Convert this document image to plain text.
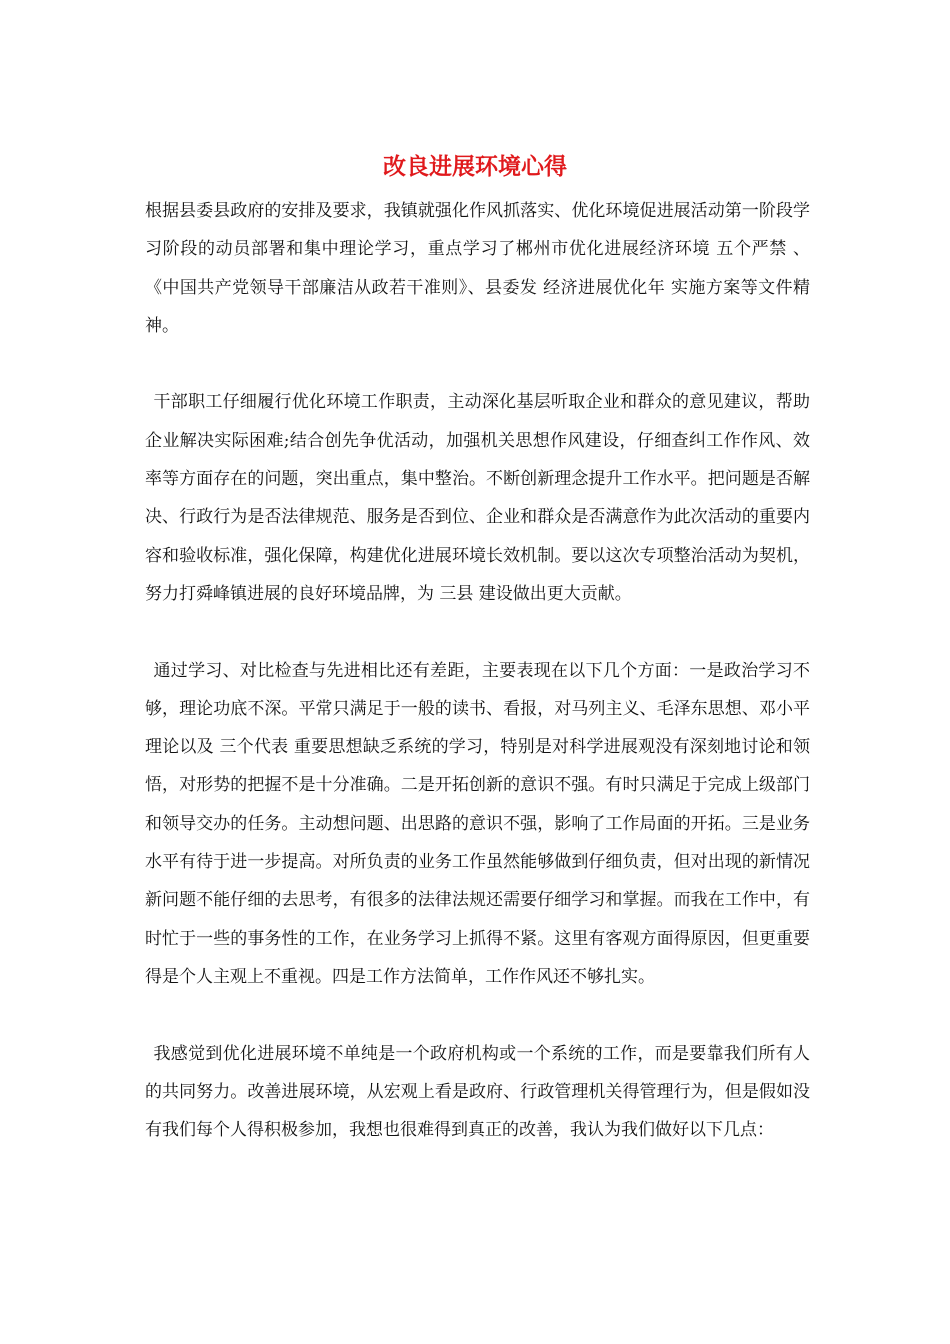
改良进展环境心得

根据县委县政府的安排及要求，我镇就强化作风抓落实、优化环境促进展活动第一阶段学习阶段的动员部署和集中理论学习，重点学习了郴州市优化进展经济环境 五个严禁 、《中国共产党领导干部廉洁从政若干准则》、县委发 经济进展优化年 实施方案等文件精神。

干部职工仔细履行优化环境工作职责，主动深化基层听取企业和群众的意见建议，帮助企业解决实际困难;结合创先争优活动，加强机关思想作风建设，仔细查纠工作作风、效率等方面存在的问题，突出重点，集中整治。不断创新理念提升工作水平。把问题是否解决、行政行为是否法律规范、服务是否到位、企业和群众是否满意作为此次活动的重要内容和验收标准，强化保障，构建优化进展环境长效机制。要以这次专项整治活动为契机，努力打舜峰镇进展的良好环境品牌，为 三县 建设做出更大贡献。

通过学习、对比检查与先进相比还有差距，主要表现在以下几个方面：一是政治学习不够，理论功底不深。平常只满足于一般的读书、看报，对马列主义、毛泽东思想、邓小平理论以及 三个代表 重要思想缺乏系统的学习，特别是对科学进展观没有深刻地讨论和领悟，对形势的把握不是十分准确。二是开拓创新的意识不强。有时只满足于完成上级部门和领导交办的任务。主动想问题、出思路的意识不强，影响了工作局面的开拓。三是业务水平有待于进一步提高。对所负责的业务工作虽然能够做到仔细负责，但对出现的新情况新问题不能仔细的去思考，有很多的法律法规还需要仔细学习和掌握。而我在工作中，有时忙于一些的事务性的工作，在业务学习上抓得不紧。这里有客观方面得原因，但更重要得是个人主观上不重视。四是工作方法简单，工作作风还不够扎实。

我感觉到优化进展环境不单纯是一个政府机构或一个系统的工作，而是要靠我们所有人的共同努力。改善进展环境，从宏观上看是政府、行政管理机关得管理行为，但是假如没有我们每个人得积极参加，我想也很难得到真正的改善，我认为我们做好以下几点：
